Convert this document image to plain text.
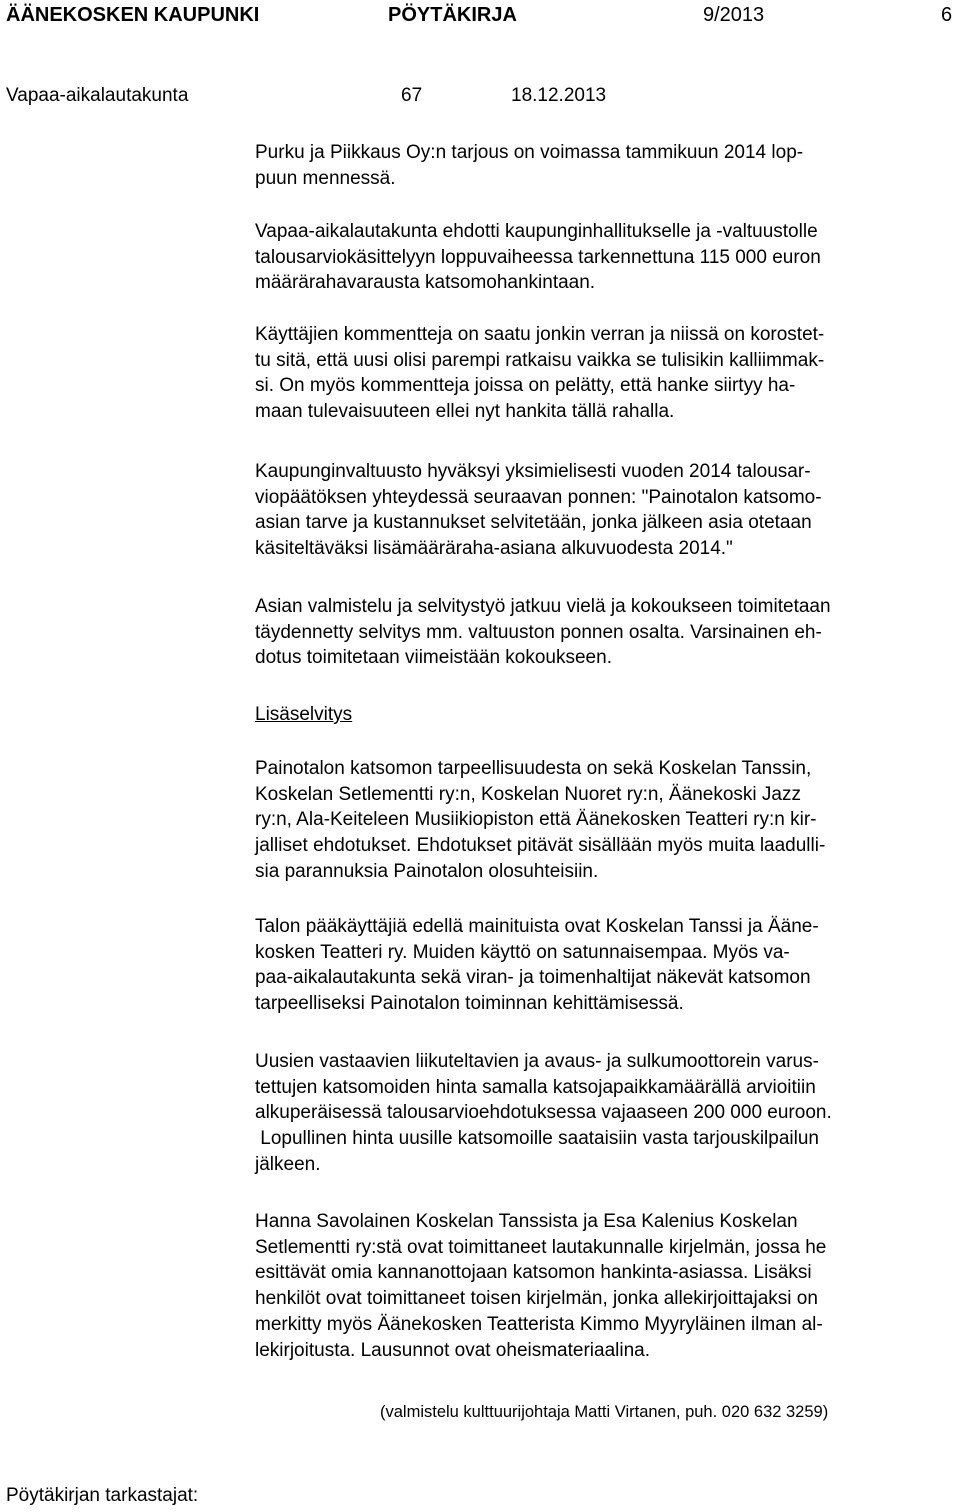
ÄÄNEKOSKEN KAUPUNKI	PÖYTÄKIRJA	9/2013	6
Vapaa-aikalautakunta	67	18.12.2013
Purku ja Piikkaus Oy:n tarjous on voimassa tammikuun 2014 lop-
puun mennessä.
Vapaa-aikalautakunta ehdotti kaupunginhallitukselle ja -valtuustolle
talousarviokäsittelyyn loppuvaiheessa tarkennettuna 115 000 euron
määrärahavarausta katsomohankintaan.
Käyttäjien kommentteja on saatu jonkin verran ja niissä on korostet-
tu sitä, että uusi olisi parempi ratkaisu vaikka se tulisikin kalliimmak-
si. On myös kommentteja joissa on pelätty, että hanke siirtyy ha-
maan tulevaisuuteen ellei nyt hankita tällä rahalla.
Kaupunginvaltuusto hyväksyi yksimielisesti vuoden 2014 talousar-
viopäätöksen yhteydessä seuraavan ponnen: "Painotalon katsomo-
asian tarve ja kustannukset selvitetään, jonka jälkeen asia otetaan
käsiteltäväksi lisämääräraha-asiana alkuvuodesta 2014."
Asian valmistelu ja selvitystyö jatkuu vielä ja kokoukseen toimitetaan
täydennetty selvitys mm. valtuuston ponnen osalta. Varsinainen eh-
dotus toimitetaan viimeistään kokoukseen.
Lisäselvitys
Painotalon katsomon tarpeellisuudesta on sekä Koskelan Tanssin,
Koskelan Setlementti ry:n, Koskelan Nuoret ry:n, Äänekoski Jazz
ry:n, Ala-Keiteleen Musiikiopiston että Äänekosken Teatteri ry:n kir-
jalliset ehdotukset. Ehdotukset pitävät sisällään myös muita laadulli-
sia parannuksia Painotalon olosuhteisiin.
Talon pääkäyttäjiä edellä mainituista ovat Koskelan Tanssi ja Ääne-
kosken Teatteri ry. Muiden käyttö on satunnaisempaa. Myös va-
paa-aikalautakunta sekä viran- ja toimenhaltijat näkevät katsomon
tarpeelliseksi Painotalon toiminnan kehittämisessä.
Uusien vastaavien liikuteltavien ja avaus- ja sulkumoottorein varus-
tettujen katsomoiden hinta samalla katsojapaikkamäärällä arvioitiin
alkuperäisessä talousarvioehdotuksessa vajaaseen 200 000 euroon.
Lopullinen hinta uusille katsomoille saataisiin vasta tarjouskilpailun
jälkeen.
Hanna Savolainen Koskelan Tanssista ja Esa Kalenius Koskelan
Setlementti ry:stä ovat toimittaneet lautakunnalle kirjelmän, jossa he
esittävät omia kannanottojaan katsomon hankinta-asiassa. Lisäksi
henkilöt ovat toimittaneet toisen kirjelmän, jonka allekirjoittajaksi on
merkitty myös Äänekosken Teatterista Kimmo Myyryläinen ilman al-
lekirjoitusta. Lausunnot ovat oheismateriaalina.
(valmistelu kulttuurijohtaja Matti Virtanen, puh. 020 632 3259)
Pöytäkirjan tarkastajat:
